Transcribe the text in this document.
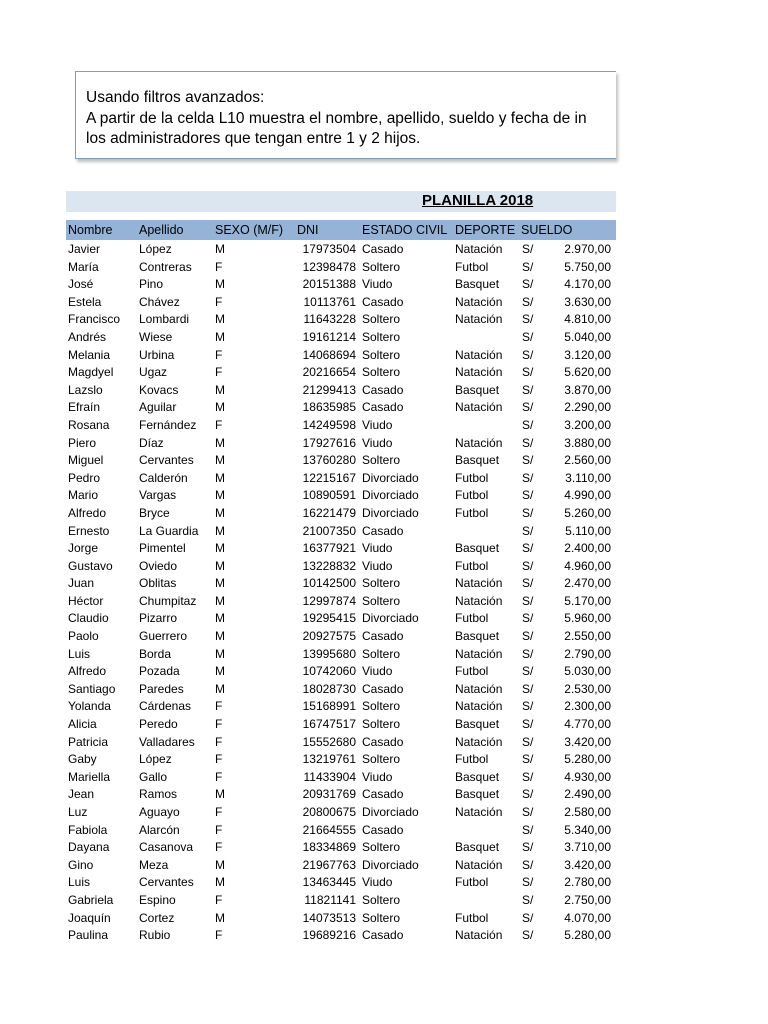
Usando filtros avanzados:
A partir de la celda L10 muestra el nombre, apellido, sueldo y fecha de in
los administradores que tengan entre 1 y 2 hijos.
PLANILLA 2018
Nombre Apellido	SEXO (M/F) DNI	ESTADO CIVIL DEPORTE SUELDO
Javier	López	M	17973504 Casado	Natación S/	2.970,00
María	Contreras F	12398478 Soltero	Futbol	S/	5.750,00
José	Pino	M	20151388 Viudo	Basquet S/	4.170,00
Estela	Chávez	F	10113761 Casado	Natación S/	3.630,00
Francisco Lombardi M	11643228 Soltero	Natación S/	4.810,00
Andrés	Wiese	M	19161214 Soltero	S/	5.040,00
Melania Urbina	F	14068694 Soltero	Natación S/	3.120,00
Magdyel Ugaz	F	20216654 Soltero	Natación S/	5.620,00
Lazslo	Kovacs	M	21299413 Casado	Basquet S/	3.870,00
Efraín	Aguilar	M	18635985 Casado	Natación S/	2.290,00
Rosana Fernández F	14249598 Viudo	S/	3.200,00
Piero	Díaz	M	17927616 Viudo	Natación S/	3.880,00
Miguel	Cervantes M	13760280 Soltero	Basquet S/	2.560,00
Pedro	Calderón M	12215167 Divorciado	Futbol	S/	3.110,00
Mario	Vargas	M	10890591 Divorciado	Futbol	S/	4.990,00
Alfredo	Bryce	M	16221479 Divorciado	Futbol	S/	5.260,00
Ernesto La Guardia M	21007350 Casado	S/	5.110,00
Jorge	Pimentel M	16377921 Viudo	Basquet S/	2.400,00
Gustavo Oviedo	M	13228832 Viudo	Futbol	S/	4.960,00
Juan	Oblitas	M	10142500 Soltero	Natación S/	2.470,00
Héctor	Chumpitaz M	12997874 Soltero	Natación S/	5.170,00
Claudio	Pizarro	M	19295415 Divorciado	Futbol	S/	5.960,00
Paolo	Guerrero M	20927575 Casado	Basquet S/	2.550,00
Luis	Borda	M	13995680 Soltero	Natación S/	2.790,00
Alfredo	Pozada	M	10742060 Viudo	Futbol	S/	5.030,00
Santiago Paredes	M	18028730 Casado	Natación S/	2.530,00
Yolanda Cárdenas F	15168991 Soltero	Natación S/	2.300,00
Alicia	Peredo	F	16747517 Soltero	Basquet S/	4.770,00
Patricia	Valladares F	15552680 Casado	Natación S/	3.420,00
Gaby	López	F	13219761 Soltero	Futbol	S/	5.280,00
Mariella Gallo	F	11433904 Viudo	Basquet S/	4.930,00
Jean	Ramos	M	20931769 Casado	Basquet S/	2.490,00
Luz	Aguayo	F	20800675 Divorciado	Natación S/	2.580,00
Fabiola	Alarcón	F	21664555 Casado	S/	5.340,00
Dayana Casanova F	18334869 Soltero	Basquet S/	3.710,00
Gino	Meza	M	21967763 Divorciado	Natación S/	3.420,00
Luis	Cervantes M	13463445 Viudo	Futbol	S/	2.780,00
Gabriela Espino	F	11821141 Soltero	S/	2.750,00
Joaquín Cortez	M	14073513 Soltero	Futbol	S/	4.070,00
Paulina	Rubio	F	19689216 Casado	Natación S/	5.280,00
